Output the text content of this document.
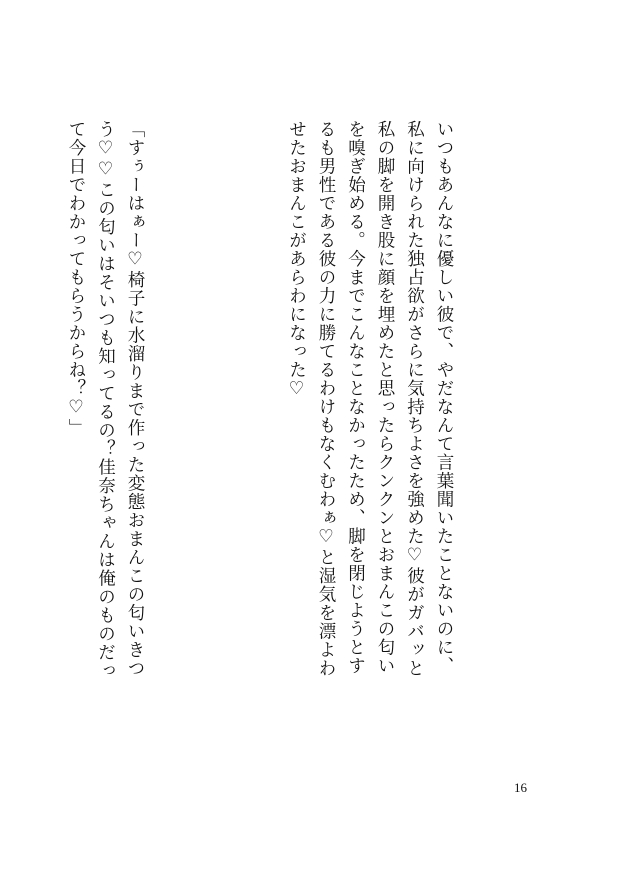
いつもあんなに優しい彼で、やだなんて言葉聞いたことないのに、私に向けられた独占欲がさらに気持ちよさを強めた♡彼がガバッと私の脚を開き股に顔を埋めたと思ったらクンクンとおまんこの匂いを嗅ぎ始める。今までこんなことなかったため、脚を閉じようとするも男性である彼の力に勝てるわけもなくむわぁ♡と湿気を漂よわせたおまんこがあらわになった♡

「すぅーはぁー♡椅子に水溜りまで作った変態おまんこの匂いきつう♡♡この匂いはそいつも知ってるの？佳奈ちゃんは俺のものだって今日でわかってもらうからね？♡」

16
